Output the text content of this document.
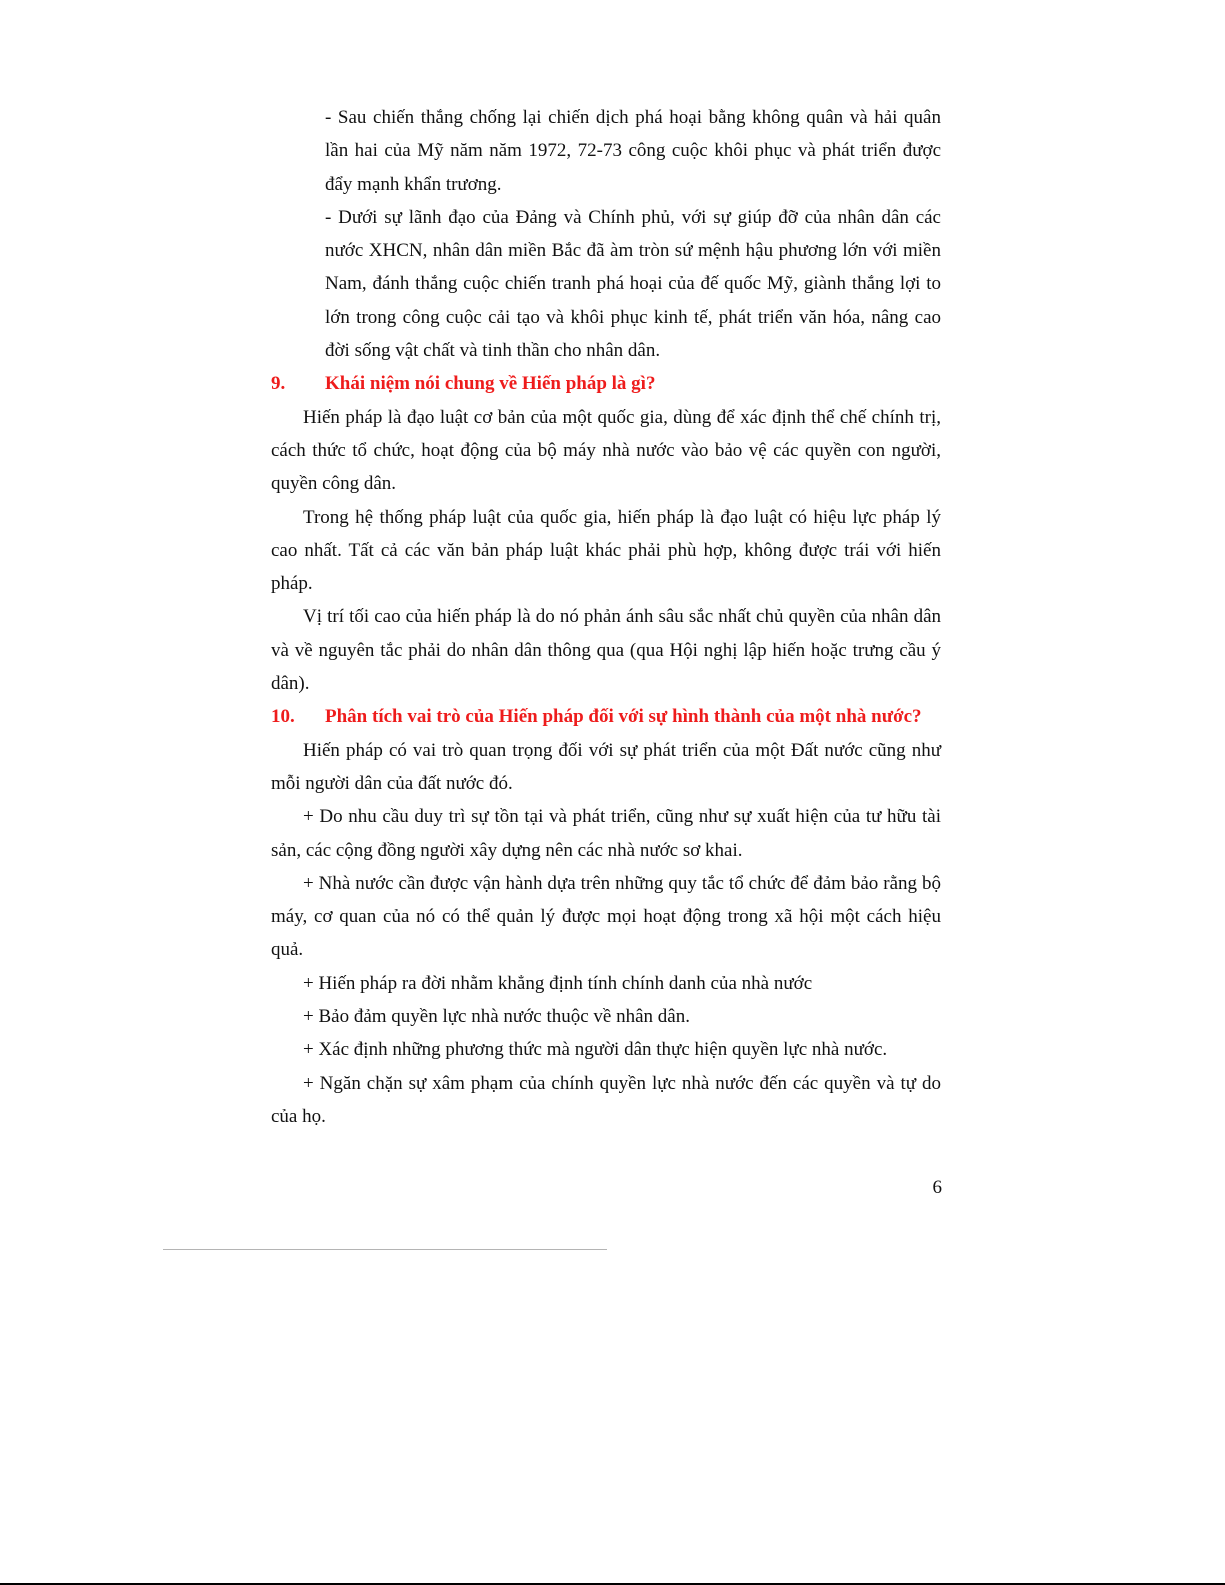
- Sau chiến thắng chống lại chiến dịch phá hoại bằng không quân và hải quân lần hai của Mỹ năm năm 1972, 72-73 công cuộc khôi phục và phát triển được đẩy mạnh khẩn trương.

- Dưới sự lãnh đạo của Đảng và Chính phủ, với sự giúp đỡ của nhân dân các nước XHCN, nhân dân miền Bắc đã àm tròn sứ mệnh hậu phương lớn với miền Nam, đánh thắng cuộc chiến tranh phá hoại của đế quốc Mỹ, giành thắng lợi to lớn trong công cuộc cải tạo và khôi phục kinh tế, phát triển văn hóa, nâng cao đời sống vật chất và tinh thần cho nhân dân.

9.	Khái niệm nói chung về Hiến pháp là gì?

Hiến pháp là đạo luật cơ bản của một quốc gia, dùng để xác định thể chế chính trị, cách thức tổ chức, hoạt động của bộ máy nhà nước vào bảo vệ các quyền con người, quyền công dân.

Trong hệ thống pháp luật của quốc gia, hiến pháp là đạo luật có hiệu lực pháp lý cao nhất. Tất cả các văn bản pháp luật khác phải phù hợp, không được trái với hiến pháp.

Vị trí tối cao của hiến pháp là do nó phản ánh sâu sắc nhất chủ quyền của nhân dân và về nguyên tắc phải do nhân dân thông qua (qua Hội nghị lập hiến hoặc trưng cầu ý dân).

10.	Phân tích vai trò của Hiến pháp đối với sự hình thành của một nhà nước?

Hiến pháp có vai trò quan trọng đối với sự phát triển của một Đất nước cũng như mỗi người dân của đất nước đó.

+ Do nhu cầu duy trì sự tồn tại và phát triển, cũng như sự xuất hiện của tư hữu tài sản, các cộng đồng người xây dựng nên các nhà nước sơ khai.

+ Nhà nước cần được vận hành dựa trên những quy tắc tổ chức để đảm bảo rằng bộ máy, cơ quan của nó có thể quản lý được mọi hoạt động trong xã hội một cách hiệu quả.

+ Hiến pháp ra đời nhằm khẳng định tính chính danh của nhà nước

+ Bảo đảm quyền lực nhà nước thuộc về nhân dân.

+ Xác định những phương thức mà người dân thực hiện quyền lực nhà nước.

+ Ngăn chặn sự xâm phạm của chính quyền lực nhà nước đến các quyền và tự do của họ.

6
